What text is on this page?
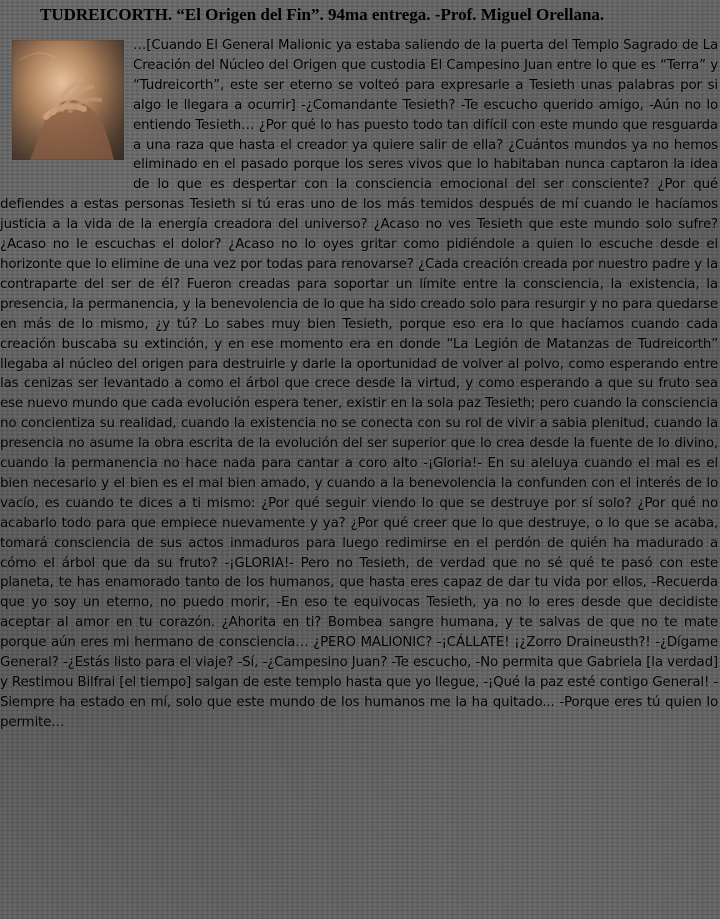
TUDREICORTH. “El Origen del Fin”. 94ma entrega. -Prof. Miguel Orellana.
…[Cuando El General Malionic ya estaba saliendo de la puerta del Templo Sagrado de La Creación del Núcleo del Origen que custodia El Campesino Juan entre lo que es “Terra” y “Tudreicorth”, este ser eterno se volteó para expresarle a Tesieth unas palabras por si algo le llegara a ocurrir] -¿Comandante Tesieth? -Te escucho querido amigo, -Aún no lo entiendo Tesieth… ¿Por qué lo has puesto todo tan difícil con este mundo que resguarda a una raza que hasta el creador ya quiere salir de ella? ¿Cuántos mundos ya no hemos eliminado en el pasado porque los seres vivos que lo habitaban nunca captaron la idea de lo que es despertar con la consciencia emocional del ser consciente? ¿Por qué defiendes a estas personas Tesieth si tú eras uno de los más temidos después de mí cuando le hacíamos justicia a la vida de la energía creadora del universo? ¿Acaso no ves Tesieth que este mundo solo sufre? ¿Acaso no le escuchas el dolor? ¿Acaso no lo oyes gritar como pidiéndole a quien lo escuche desde el horizonte que lo elimine de una vez por todas para renovarse? ¿Cada creación creada por nuestro padre y la contraparte del ser de él? Fueron creadas para soportar un límite entre la consciencia, la existencia, la presencia, la permanencia, y la benevolencia de lo que ha sido creado solo para resurgir y no para quedarse en más de lo mismo, ¿y tú? Lo sabes muy bien Tesieth, porque eso era lo que hacíamos cuando cada creación buscaba su extinción, y en ese momento era en donde “La Legión de Matanzas de Tudreicorth” llegaba al núcleo del origen para destruirle y darle la oportunidad de volver al polvo, como esperando entre las cenizas ser levantado a como el árbol que crece desde la virtud, y como esperando a que su fruto sea ese nuevo mundo que cada evolución espera tener, existir en la sola paz Tesieth; pero cuando la consciencia no concientiza su realidad, cuando la existencia no se conecta con su rol de vivir a sabia plenitud, cuando la presencia no asume la obra escrita de la evolución del ser superior que lo crea desde la fuente de lo divino, cuando la permanencia no hace nada para cantar a coro alto -¡Gloria!- En su aleluya cuando el mal es el bien necesario y el bien es el mal bien amado, y cuando a la benevolencia la confunden con el interés de lo vacío, es cuando te dices a ti mismo: ¿Por qué seguir viendo lo que se destruye por sí solo? ¿Por qué no acabarlo todo para que empiece nuevamente y ya? ¿Por qué creer que lo que destruye, o lo que se acaba, tomará consciencia de sus actos inmaduros para luego redimirse en el perdón de quién ha madurado a cómo el árbol que da su fruto? -¡GLORIA!- Pero no Tesieth, de verdad que no sé qué te pasó con este planeta, te has enamorado tanto de los humanos, que hasta eres capaz de dar tu vida por ellos, -Recuerda que yo soy un eterno, no puedo morir, -En eso te equivocas Tesieth, ya no lo eres desde que decidiste aceptar al amor en tu corazón. ¿Ahorita en ti? Bombea sangre humana, y te salvas de que no te mate porque aún eres mi hermano de consciencia… ¿PERO MALIONIC? -¡CÁLLATE! ¡¿Zorro Draineusth?! -¿Dígame General? -¿Estás listo para el viaje? -Sí, -¿Campesino Juan? -Te escucho, -No permita que Gabriela [la verdad] y Restimou Bilfrai [el tiempo] salgan de este templo hasta que yo llegue, -¡Qué la paz esté contigo General! -Siempre ha estado en mí, solo que este mundo de los humanos me la ha quitado... -Porque eres tú quien lo permite…
